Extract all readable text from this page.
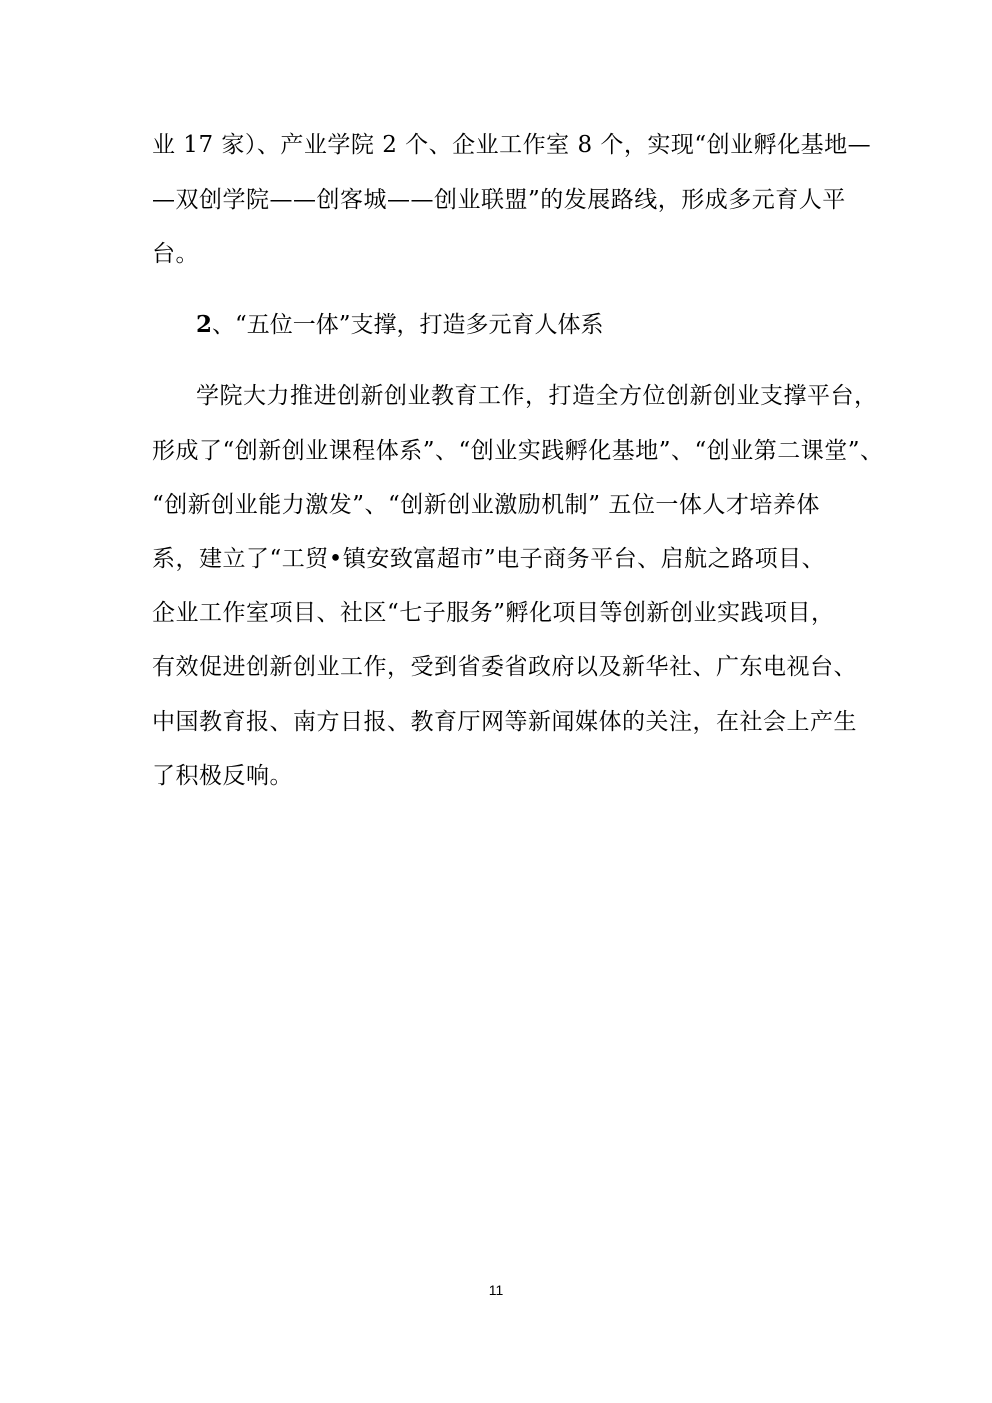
业 17 家）、产业学院 2 个、企业工作室 8 个，实现“创业孵化基地—
—双创学院——创客城——创业联盟”的发展路线，形成多元育人平
台。
2、“五位一体”支撑，打造多元育人体系
学院大力推进创新创业教育工作，打造全方位创新创业支撑平台，
形成了“创新创业课程体系”、“创业实践孵化基地”、“创业第二课堂”、
“创新创业能力激发”、“创新创业激励机制” 五位一体人才培养体
系，建立了“工贸•镇安致富超市”电子商务平台、启航之路项目、
企业工作室项目、社区“七子服务”孵化项目等创新创业实践项目，
有效促进创新创业工作，受到省委省政府以及新华社、广东电视台、
中国教育报、南方日报、教育厅网等新闻媒体的关注，在社会上产生
了积极反响。
11
